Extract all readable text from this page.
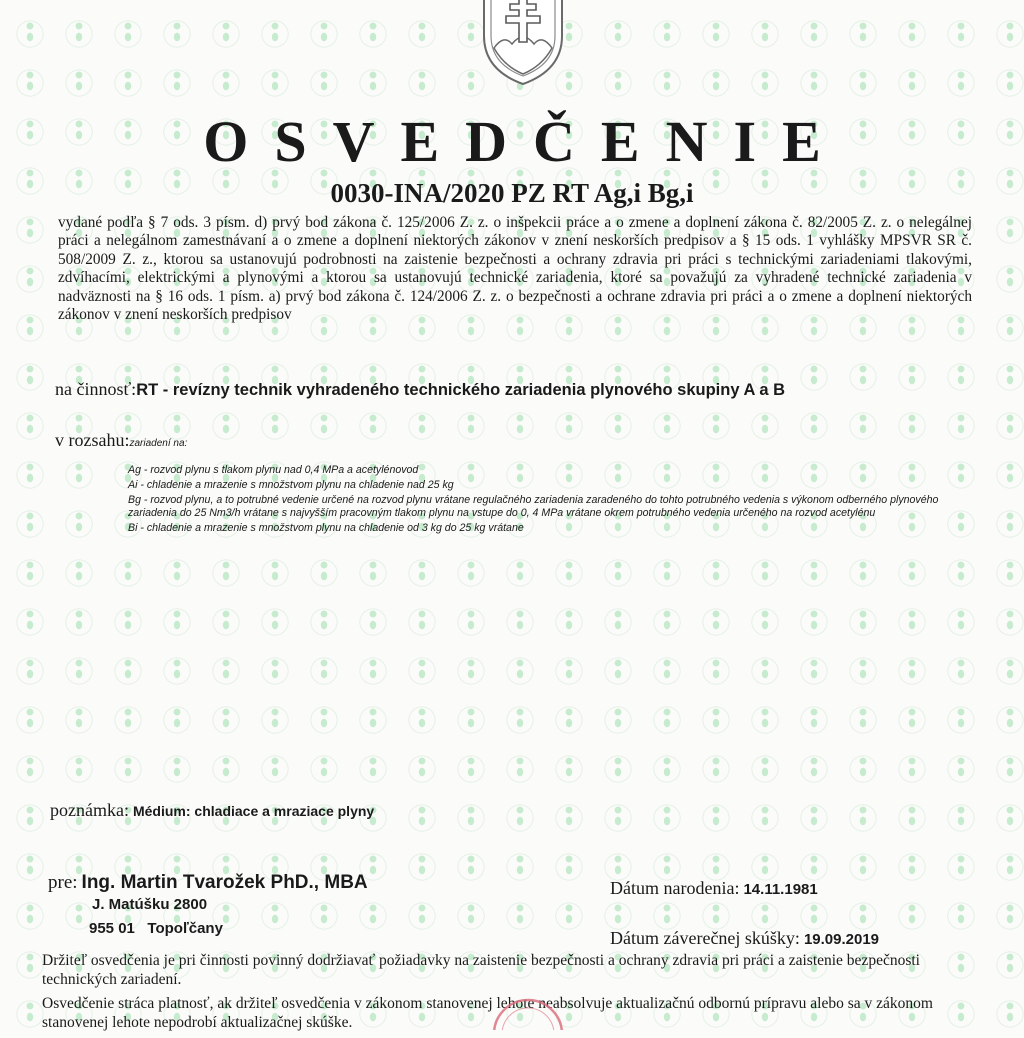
OSVEDČENIE
0030-INA/2020 PZ RT Ag,i Bg,i
vydané podľa § 7 ods. 3 písm. d) prvý bod zákona č. 125/2006 Z. z. o inšpekcii práce a o zmene a doplnení zákona č. 82/2005 Z. z. o nelegálnej práci a nelegálnom zamestnávaní a o zmene a doplnení niektorých zákonov v znení neskorších predpisov a § 15 ods. 1 vyhlášky MPSVR SR č. 508/2009 Z. z., ktorou sa ustanovujú podrobnosti na zaistenie bezpečnosti a ochrany zdravia pri práci s technickými zariadeniami tlakovými, zdvíhacími, elektrickými a plynovými a ktorou sa ustanovujú technické zariadenia, ktoré sa považujú za vyhradené technické zariadenia v nadväznosti na § 16 ods. 1 písm. a) prvý bod zákona č. 124/2006 Z. z. o bezpečnosti a ochrane zdravia pri práci a o zmene a doplnení niektorých zákonov v znení neskorších predpisov
na činnosť:RT - revízny technik vyhradeného technického zariadenia plynového skupiny A a B
v rozsahu:zariadení na:
Ag - rozvod plynu s tlakom plynu nad 0,4 MPa a acetylénovod
Ai - chladenie a mrazenie s množstvom plynu na chladenie nad 25 kg
Bg - rozvod plynu, a to potrubné vedenie určené na rozvod plynu vrátane regulačného zariadenia zaradeného do tohto potrubného vedenia s výkonom odberného plynového zariadenia do 25 Nm3/h vrátane s najvyšším pracovným tlakom plynu na vstupe do 0, 4 MPa vrátane okrem potrubného vedenia určeného na rozvod acetylénu
Bi - chladenie a mrazenie s množstvom plynu na chladenie od 3 kg do 25 kg vrátane
poznámka: Médium: chladiace a mraziace plyny
pre: Ing. Martin Tvarožek PhD., MBA
J. Matúšku 2800
955 01 Topoľčany
Dátum narodenia: 14.11.1981
Dátum záverečnej skúšky: 19.09.2019

Držiteľ osvedčenia je pri činnosti povinný dodržiavať požiadavky na zaistenie bezpečnosti a ochrany zdravia pri práci a zaistenie bezpečnosti technických zariadení.

Osvedčenie stráca platnosť, ak držiteľ osvedčenia v zákonom stanovenej lehote neabsolvuje aktualizačnú odbornú prípravu alebo sa v zákonom stanovenej lehote nepodrobí aktualizačnej skúške.
